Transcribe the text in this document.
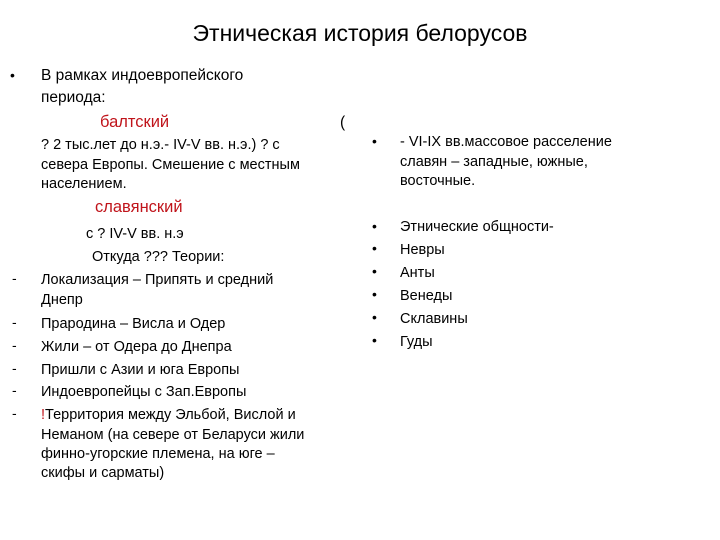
Этническая история белорусов
• В рамках индоевропейского
периода:
балтский	(
? 2 тыс.лет до н.э.- IV-V вв. н.э.) ? с
севера Европы. Смешение с местным
населением.
славянский
с ? IV-V вв. н.э
Откуда ??? Теории:
- Локализация – Припять и средний
Днепр
- Прародина – Висла и Одер
- Жили – от Одера до Днепра
- Пришли с Азии и юга Европы
- Индоевропейцы с Зап.Европы
- !Территория между Эльбой, Вислой и
Неманом (на севере от Беларуси жили
финно-угорские племена, на юге –
скифы и сарматы)
• - VI-IX вв.массовое расселение
славян – западные, южные,
восточные.
• Этнические общности-
• Невры
• Анты
• Венеды
• Склавины
• Гуды
